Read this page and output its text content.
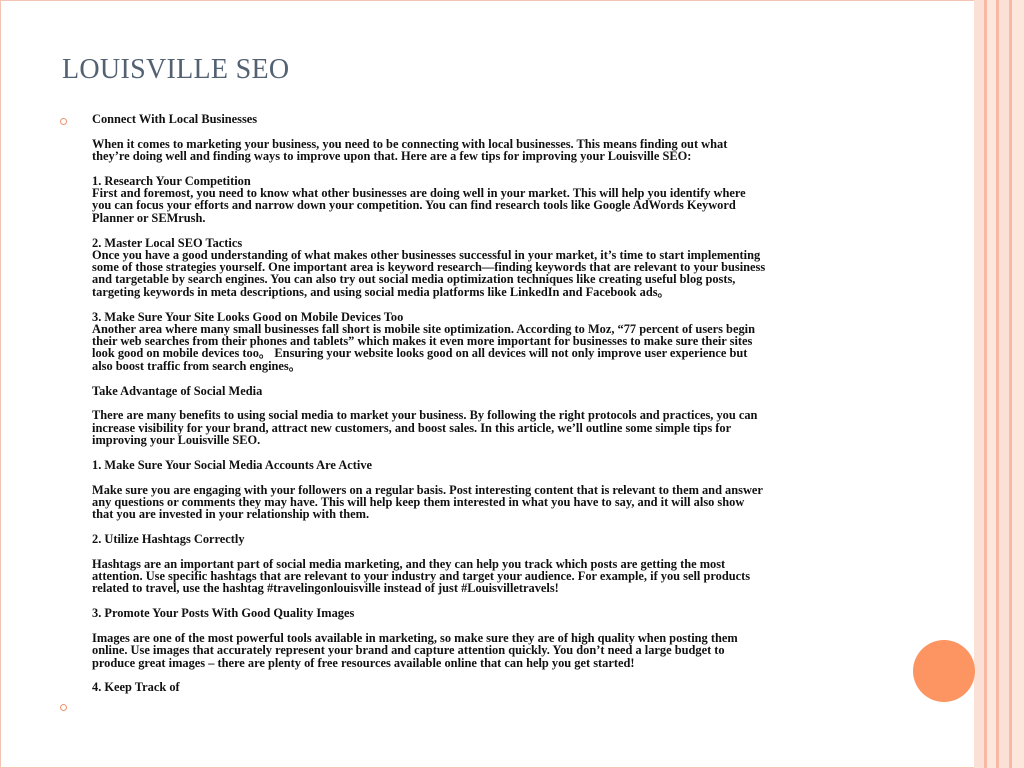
LOUISVILLE SEO

Connect With Local Businesses

When it comes to marketing your business, you need to be connecting with local businesses. This means finding out what
they’re doing well and finding ways to improve upon that. Here are a few tips for improving your Louisville SEO:

1. Research Your Competition
First and foremost, you need to know what other businesses are doing well in your market. This will help you identify where
you can focus your efforts and narrow down your competition. You can find research tools like Google AdWords Keyword
Planner or SEMrush.

2. Master Local SEO Tactics
Once you have a good understanding of what makes other businesses successful in your market, it’s time to start implementing
some of those strategies yourself. One important area is keyword research—finding keywords that are relevant to your business
and targetable by search engines. You can also try out social media optimization techniques like creating useful blog posts,
targeting keywords in meta descriptions, and using social media platforms like LinkedIn and Facebook ads。

3. Make Sure Your Site Looks Good on Mobile Devices Too
Another area where many small businesses fall short is mobile site optimization. According to Moz, “77 percent of users begin
their web searches from their phones and tablets” which makes it even more important for businesses to make sure their sites
look good on mobile devices too。 Ensuring your website looks good on all devices will not only improve user experience but
also boost traffic from search engines。

Take Advantage of Social Media

There are many benefits to using social media to market your business. By following the right protocols and practices, you can
increase visibility for your brand, attract new customers, and boost sales. In this article, we’ll outline some simple tips for
improving your Louisville SEO.

1. Make Sure Your Social Media Accounts Are Active

Make sure you are engaging with your followers on a regular basis. Post interesting content that is relevant to them and answer
any questions or comments they may have. This will help keep them interested in what you have to say, and it will also show
that you are invested in your relationship with them.

2. Utilize Hashtags Correctly

Hashtags are an important part of social media marketing, and they can help you track which posts are getting the most
attention. Use specific hashtags that are relevant to your industry and target your audience. For example, if you sell products
related to travel, use the hashtag #travelingonlouisville instead of just #Louisvilletravels!

3. Promote Your Posts With Good Quality Images

Images are one of the most powerful tools available in marketing, so make sure they are of high quality when posting them
online. Use images that accurately represent your brand and capture attention quickly. You don’t need a large budget to
produce great images – there are plenty of free resources available online that can help you get started!

4. Keep Track of
